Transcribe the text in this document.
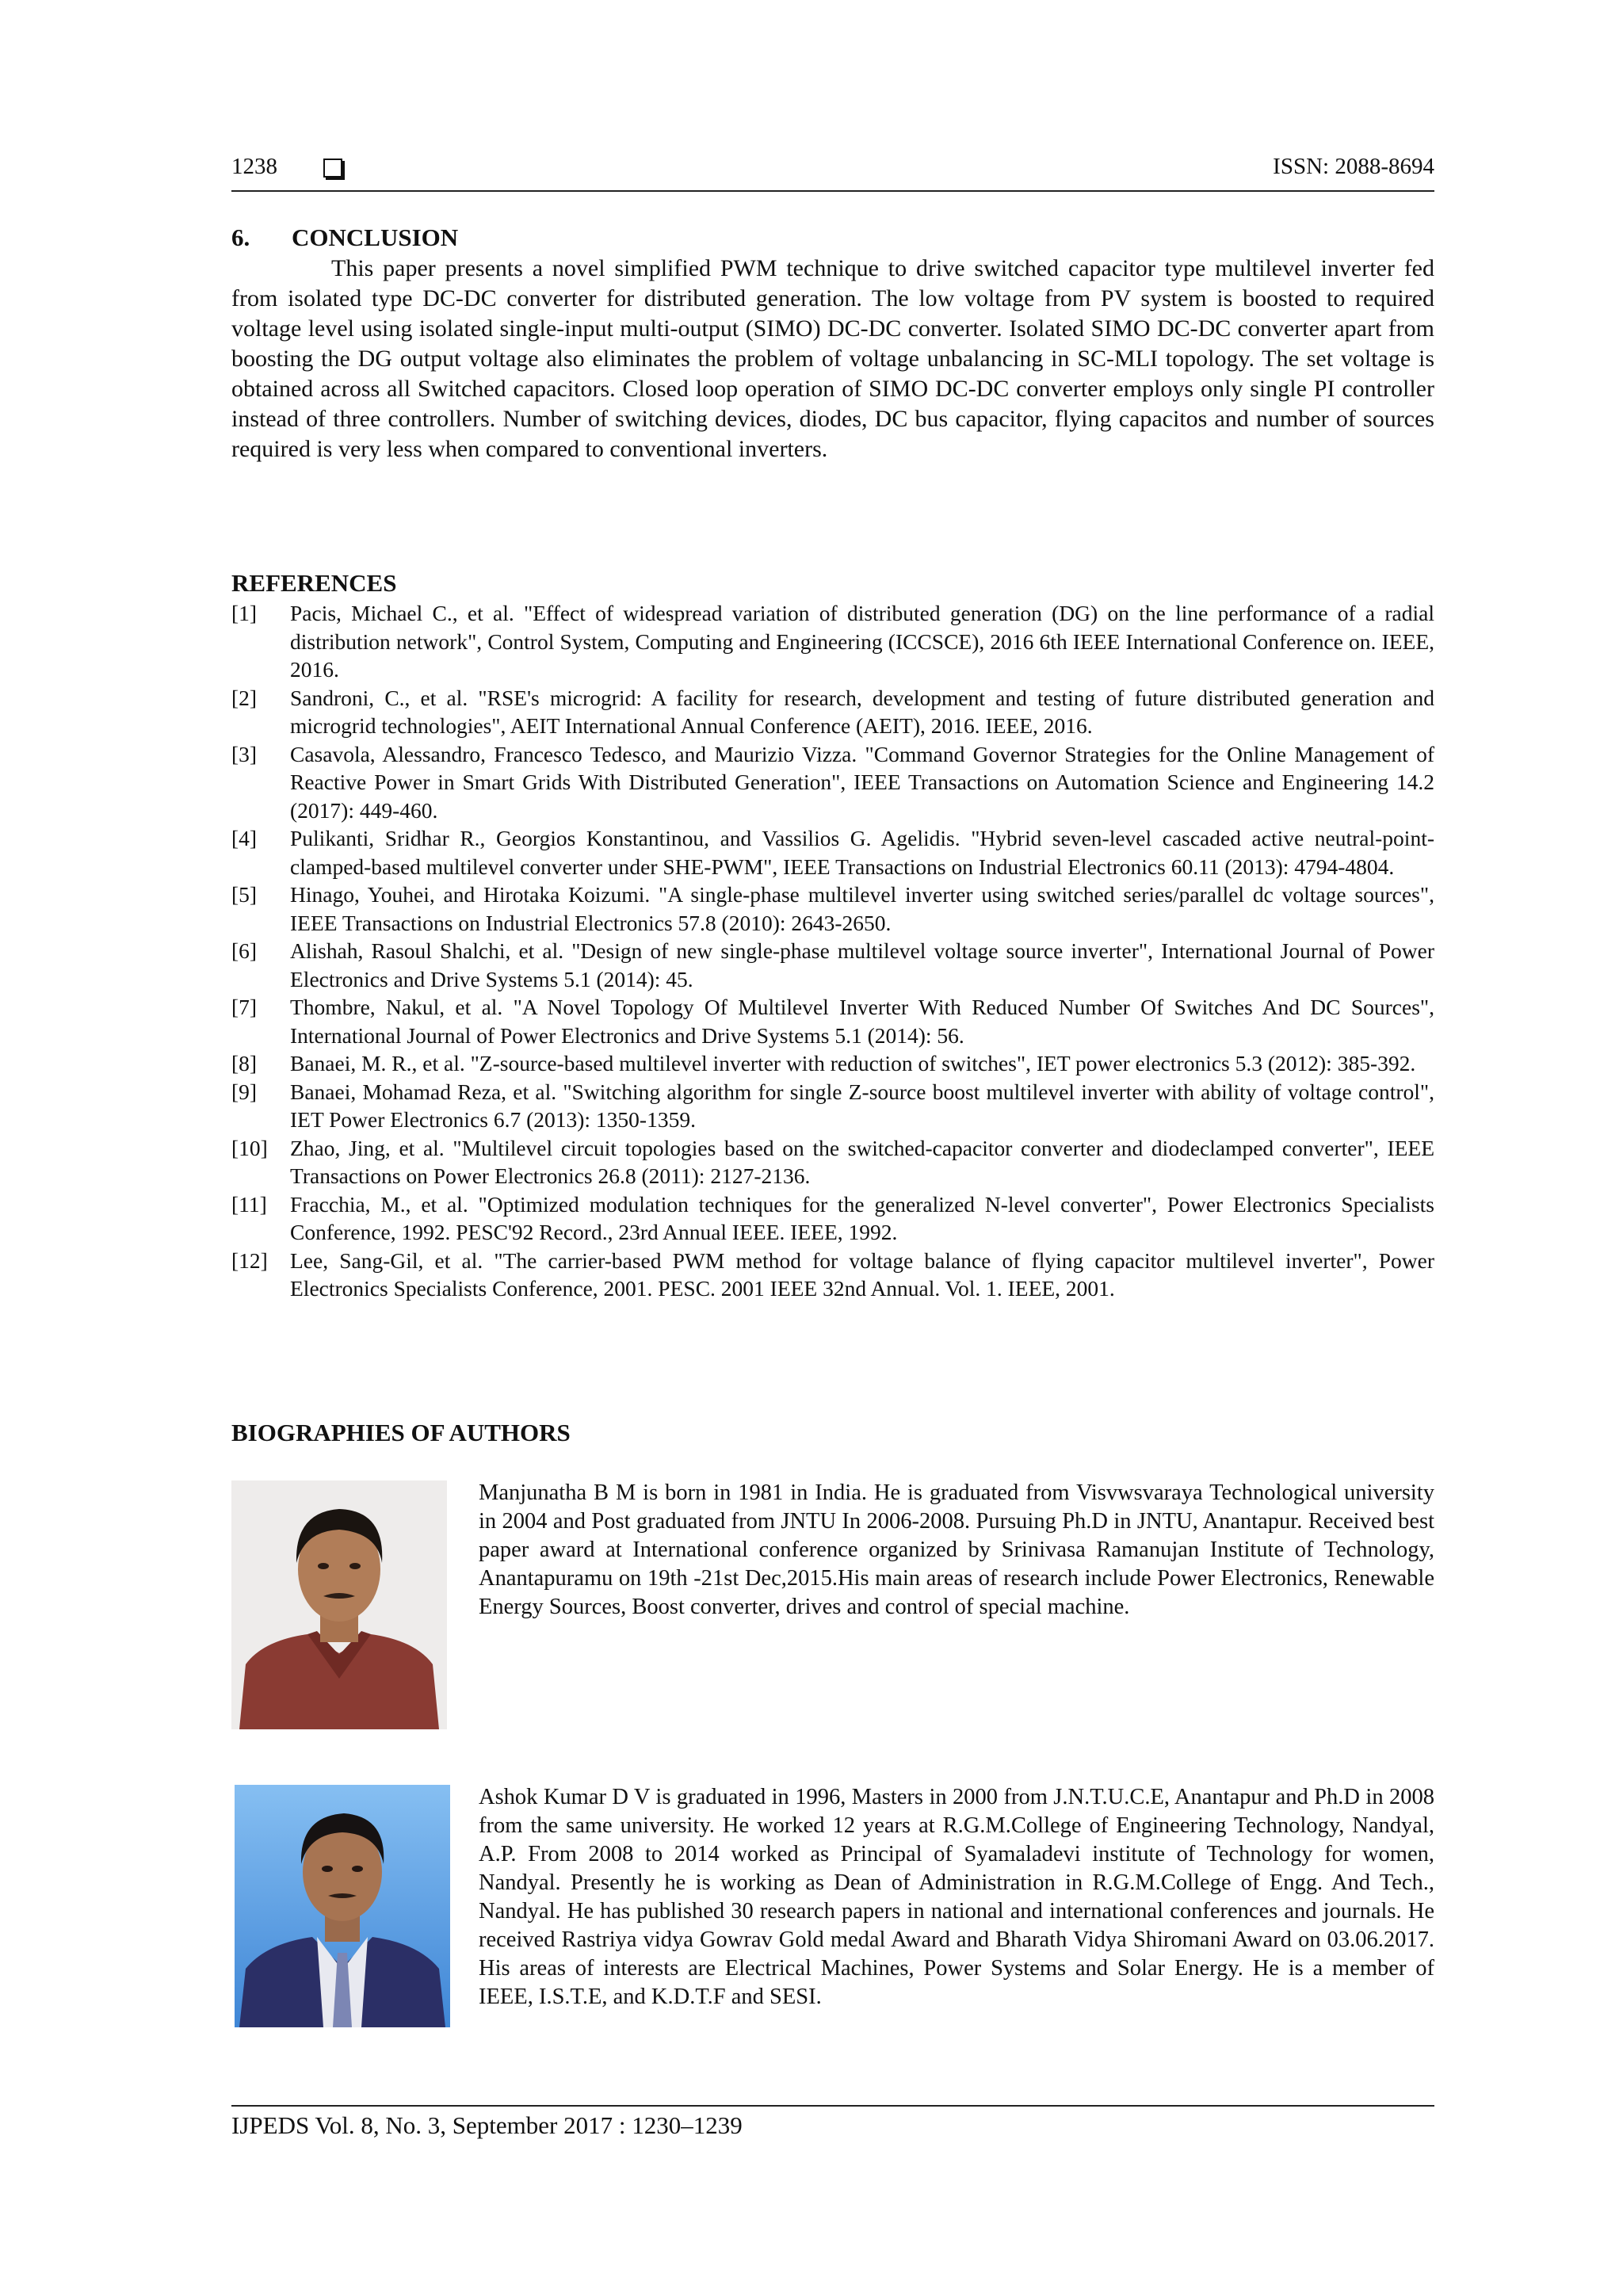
1238	ISSN: 2088-8694
6. CONCLUSION

This paper presents a novel simplified PWM technique to drive switched capacitor type multilevel inverter fed from isolated type DC-DC converter for distributed generation. The low voltage from PV system is boosted to required voltage level using isolated single-input multi-output (SIMO) DC-DC converter. Isolated SIMO DC-DC converter apart from boosting the DG output voltage also eliminates the problem of voltage unbalancing in SC-MLI topology. The set voltage is obtained across all Switched capacitors. Closed loop operation of SIMO DC-DC converter employs only single PI controller instead of three controllers. Number of switching devices, diodes, DC bus capacitor, flying capacitos and number of sources required is very less when compared to conventional inverters.

REFERENCES
[1] Pacis, Michael C., et al. "Effect of widespread variation of distributed generation (DG) on the line performance of a radial distribution network", Control System, Computing and Engineering (ICCSCE), 2016 6th IEEE International Conference on. IEEE, 2016.
[2] Sandroni, C., et al. "RSE's microgrid: A facility for research, development and testing of future distributed generation and microgrid technologies", AEIT International Annual Conference (AEIT), 2016. IEEE, 2016.
[3] Casavola, Alessandro, Francesco Tedesco, and Maurizio Vizza. "Command Governor Strategies for the Online Management of Reactive Power in Smart Grids With Distributed Generation", IEEE Transactions on Automation Science and Engineering 14.2 (2017): 449-460.
[4] Pulikanti, Sridhar R., Georgios Konstantinou, and Vassilios G. Agelidis. "Hybrid seven-level cascaded active neutral-point-clamped-based multilevel converter under SHE-PWM", IEEE Transactions on Industrial Electronics 60.11 (2013): 4794-4804.
[5] Hinago, Youhei, and Hirotaka Koizumi. "A single-phase multilevel inverter using switched series/parallel dc voltage sources", IEEE Transactions on Industrial Electronics 57.8 (2010): 2643-2650.
[6] Alishah, Rasoul Shalchi, et al. "Design of new single-phase multilevel voltage source inverter", International Journal of Power Electronics and Drive Systems 5.1 (2014): 45.
[7] Thombre, Nakul, et al. "A Novel Topology Of Multilevel Inverter With Reduced Number Of Switches And DC Sources", International Journal of Power Electronics and Drive Systems 5.1 (2014): 56.
[8] Banaei, M. R., et al. "Z-source-based multilevel inverter with reduction of switches", IET power electronics 5.3 (2012): 385-392.
[9] Banaei, Mohamad Reza, et al. "Switching algorithm for single Z-source boost multilevel inverter with ability of voltage control", IET Power Electronics 6.7 (2013): 1350-1359.
[10] Zhao, Jing, et al. "Multilevel circuit topologies based on the switched-capacitor converter and diodeclamped converter", IEEE Transactions on Power Electronics 26.8 (2011): 2127-2136.
[11] Fracchia, M., et al. "Optimized modulation techniques for the generalized N-level converter", Power Electronics Specialists Conference, 1992. PESC'92 Record., 23rd Annual IEEE. IEEE, 1992.
[12] Lee, Sang-Gil, et al. "The carrier-based PWM method for voltage balance of flying capacitor multilevel inverter", Power Electronics Specialists Conference, 2001. PESC. 2001 IEEE 32nd Annual. Vol. 1. IEEE, 2001.
BIOGRAPHIES OF AUTHORS

Manjunatha B M is born in 1981 in India. He is graduated from Visvwsvaraya Technological university in 2004 and Post graduated from JNTU In 2006-2008. Pursuing Ph.D in JNTU, Anantapur. Received best paper award at International conference organized by Srinivasa Ramanujan Institute of Technology, Anantapuramu on 19th -21st Dec,2015.His main areas of research include Power Electronics, Renewable Energy Sources, Boost converter, drives and control of special machine.

Ashok Kumar D V is graduated in 1996, Masters in 2000 from J.N.T.U.C.E, Anantapur and Ph.D in 2008 from the same university. He worked 12 years at R.G.M.College of Engineering Technology, Nandyal, A.P. From 2008 to 2014 worked as Principal of Syamaladevi institute of Technology for women, Nandyal. Presently he is working as Dean of Administration in R.G.M.College of Engg. And Tech., Nandyal. He has published 30 research papers in national and international conferences and journals. He received Rastriya vidya Gowrav Gold medal Award and Bharath Vidya Shiromani Award on 03.06.2017. His areas of interests are Electrical Machines, Power Systems and Solar Energy. He is a member of IEEE, I.S.T.E, and K.D.T.F and SESI.

IJPEDS Vol. 8, No. 3, September 2017 : 1230–1239
